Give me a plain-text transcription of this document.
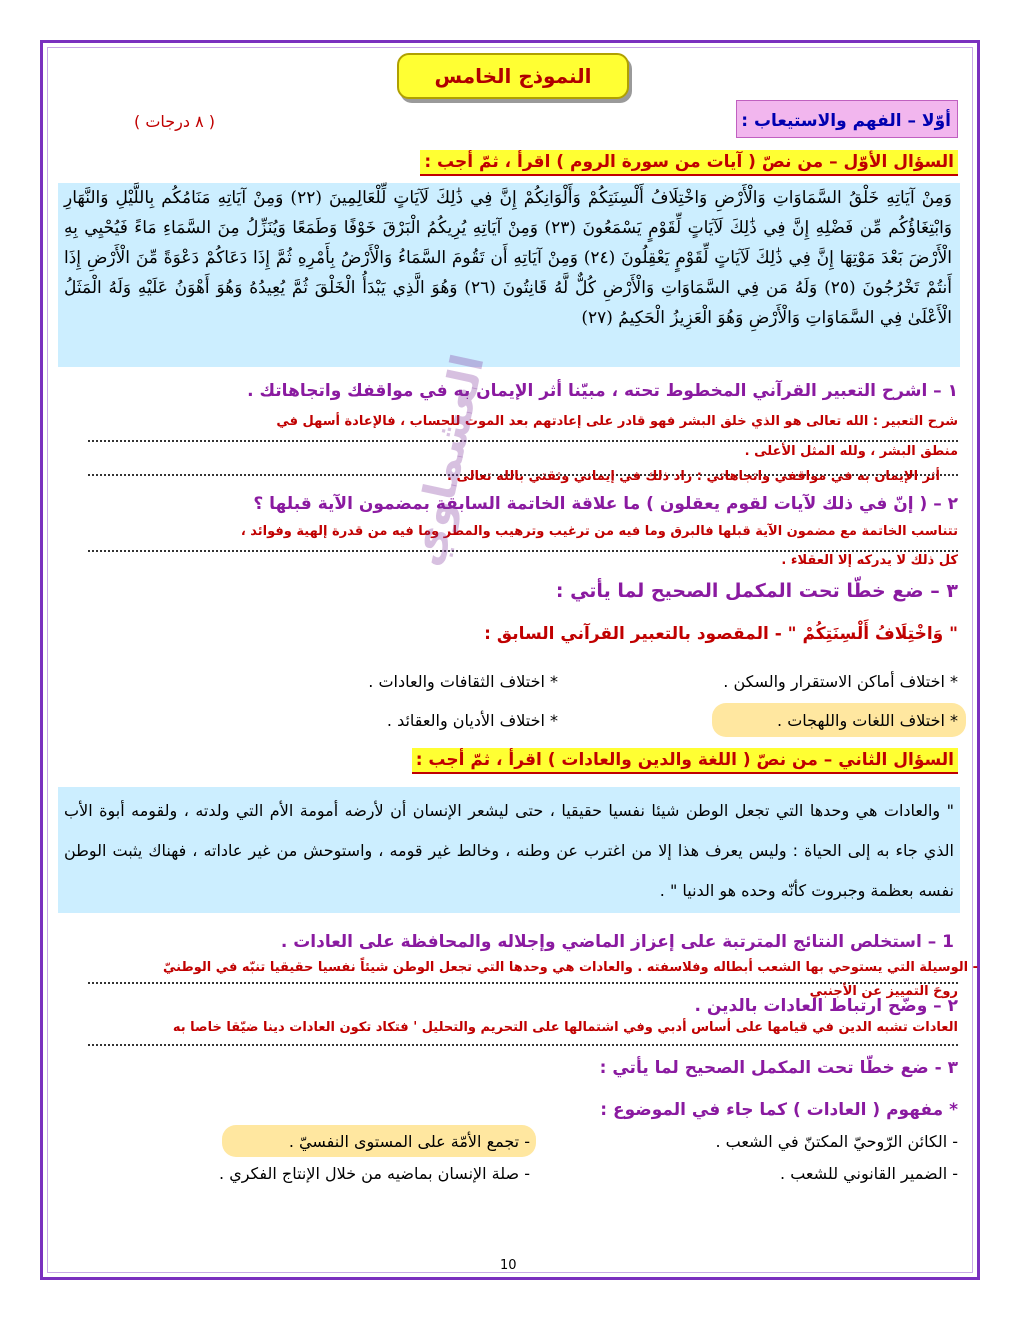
النموذج الخامس
أوّلا – الفهم والاستيعاب :
( ٨ درجات )
السؤال الأوّل – من نصّ ( آيات من سورة الروم ) اقرأ ، ثمّ أجب :
وَمِنْ آيَاتِهِ خَلْقُ السَّمَاوَاتِ وَالْأَرْضِ وَاخْتِلَافُ أَلْسِنَتِكُمْ وَأَلْوَانِكُمْ إِنَّ فِي ذَٰلِكَ لَآيَاتٍ لِّلْعَالِمِينَ (٢٢) وَمِنْ آيَاتِهِ مَنَامُكُم بِاللَّيْلِ وَالنَّهَارِ وَابْتِغَاؤُكُم مِّن فَضْلِهِ إِنَّ فِي ذَٰلِكَ لَآيَاتٍ لِّقَوْمٍ يَسْمَعُونَ (٢٣) وَمِنْ آيَاتِهِ يُرِيكُمُ الْبَرْقَ خَوْفًا وَطَمَعًا وَيُنَزِّلُ مِنَ السَّمَاءِ مَاءً فَيُحْيِي بِهِ الْأَرْضَ بَعْدَ مَوْتِهَا إِنَّ فِي ذَٰلِكَ لَآيَاتٍ لِّقَوْمٍ يَعْقِلُونَ (٢٤) وَمِنْ آيَاتِهِ أَن تَقُومَ السَّمَاءُ وَالْأَرْضُ بِأَمْرِهِ ثُمَّ إِذَا دَعَاكُمْ دَعْوَةً مِّنَ الْأَرْضِ إِذَا أَنتُمْ تَخْرُجُونَ (٢٥) وَلَهُ مَن فِي السَّمَاوَاتِ وَالْأَرْضِ كُلٌّ لَّهُ قَانِتُونَ (٢٦) وَهُوَ الَّذِي يَبْدَأُ الْخَلْقَ ثُمَّ يُعِيدُهُ وَهُوَ أَهْوَنُ عَلَيْهِ وَلَهُ الْمَثَلُ الْأَعْلَىٰ فِي السَّمَاوَاتِ وَالْأَرْضِ وَهُوَ الْعَزِيزُ الْحَكِيمُ (٢٧)
١ – اشرح التعبير القرآني المخطوط تحته ، مبيّنا أثر الإيمان به في مواقفك واتجاهاتك .
شرح التعبير : الله تعالى هو الذي خلق البشر فهو قادر على إعادتهم بعد الموت للحساب ، فالإعادة أسهل في
منطق البشر ، ولله المثل الأعلى .
أثر الإيمان به في مواقفي واتجاهاتي : زاد ذلك في إيماني وثقتي بالله تعالى .
٢ – ( إنّ في ذلك لآيات لقوم يعقلون ) ما علاقة الخاتمة السابقة بمضمون الآية قبلها ؟
تتناسب الخاتمة مع مضمون الآية قبلها فالبرق وما فيه من ترغيب وترهيب والمطر وما فيه من قدرة إلهية وفوائد ،
كل ذلك لا يدركه إلا العقلاء .
٣ – ضع خطّا تحت المكمل الصحيح لما يأتي :
" وَاخْتِلَافُ أَلْسِنَتِكُمْ " - المقصود بالتعبير القرآني السابق :
* اختلاف أماكن الاستقرار والسكن .
* اختلاف الثقافات والعادات .
* اختلاف اللغات واللهجات .
* اختلاف الأديان والعقائد .
السؤال الثاني – من نصّ ( اللغة والدين والعادات ) اقرأ ، ثمّ أجب :
" والعادات هي وحدها التي تجعل الوطن شيئا نفسيا حقيقيا ، حتى ليشعر الإنسان أن لأرضه أمومة الأم التي ولدته ، ولقومه أبوة الأب الذي جاء به إلى الحياة : وليس يعرف هذا إلا من اغترب عن وطنه ، وخالط غير قومه ، واستوحش من غير عاداته ، فهناك يثبت الوطن نفسه بعظمة وجبروت كأنّه وحده هو الدنيا " .
1 – استخلص النتائج المترتبة على إعزاز الماضي وإجلاله والمحافظة على العادات .
- الوسيلة التي يستوحي بها الشعب أبطاله وفلاسفته . والعادات هي وحدها التي تجعل الوطن شيئاً نفسيا حقيقيا تنبّه في الوطنيّ
روحَ التمييز عن الأجنبي
٢ – وضّح ارتباط العادات بالدين .
العادات تشبه الدين في قيامها على أساس أدبي وفي اشتمالها على التحريم والتحليل ' فتكاد تكون العادات دينا ضيّقا خاصا به
٣ - ضع خطّا تحت المكمل الصحيح لما يأتي :
* مفهوم ( العادات ) كما جاء في الموضوع :
- الكائن الرّوحيّ المكتنّ في الشعب .
- تجمع الأمّة على المستوى النفسيّ .
- الضمير القانوني للشعب .
- صلة الإنسان بماضيه من خلال الإنتاج الفكري .
العشماوي
10
